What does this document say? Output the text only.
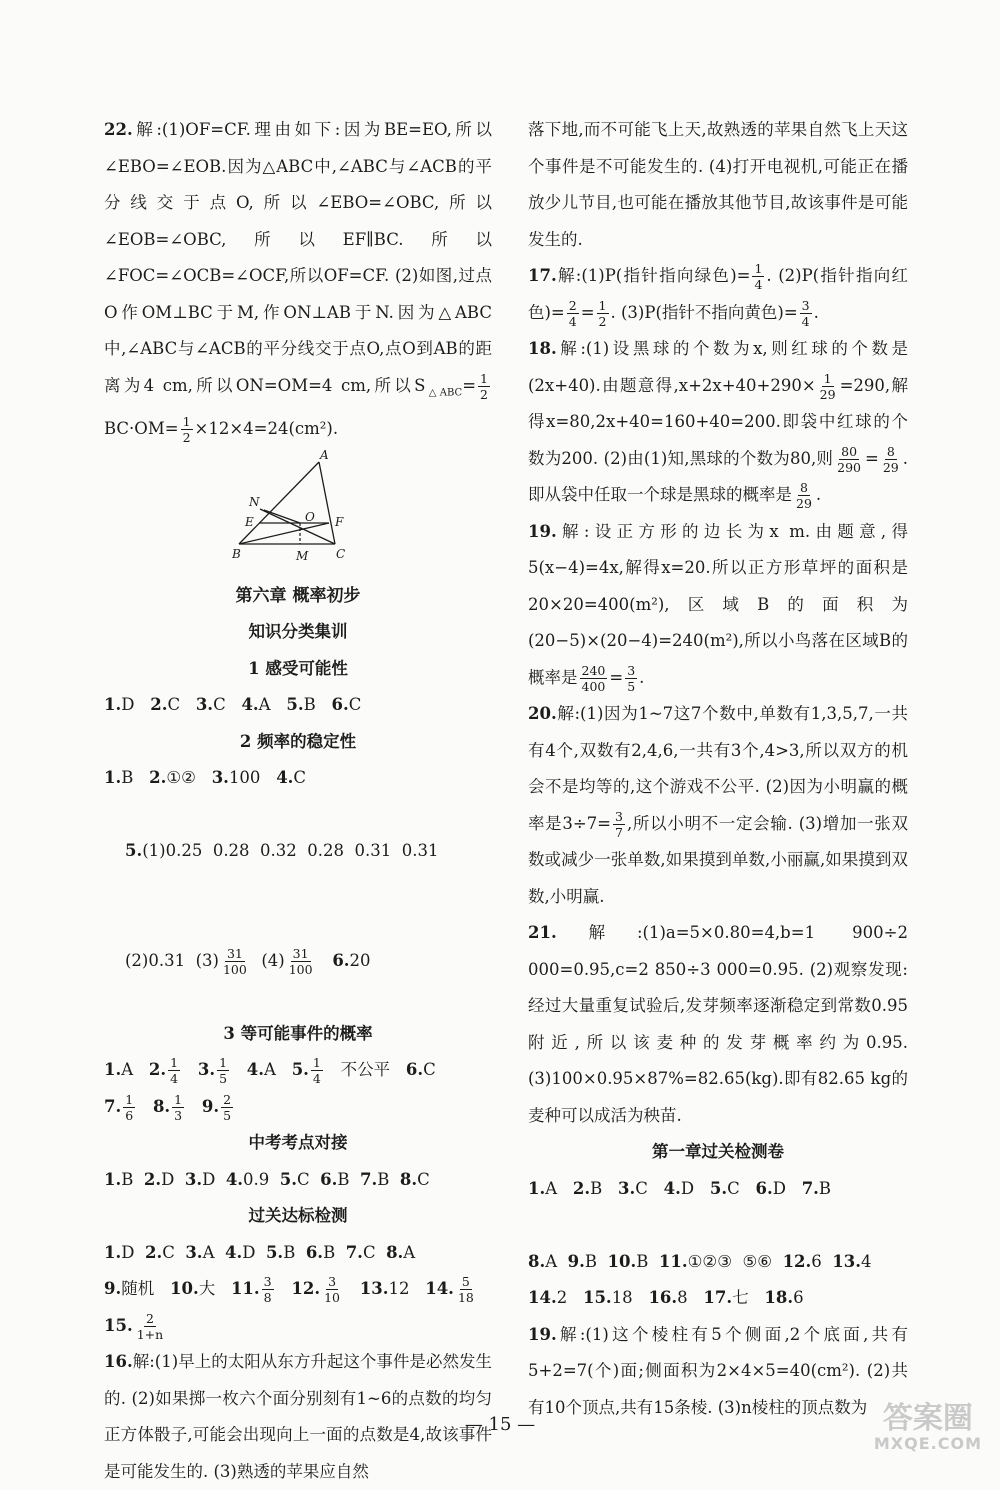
22.解:(1)OF=CF.理由如下:因为BE=EO,所以∠EBO=∠EOB.因为△ABC中,∠ABC与∠ACB的平分线交于点O,所以∠EBO=∠OBC,所以∠EOB=∠OBC,所以EF∥BC.所以∠FOC=∠OCB=∠OCF,所以OF=CF. (2)如图,过点O作OM⊥BC于M,作ON⊥AB于N.因为△ABC中,∠ABC与∠ACB的平分线交于点O,点O到AB的距离为4 cm,所以ON=OM=4 cm,所以$S_{\triangle ABC}= \frac{1}{2}$
$BC\cdot OM= \frac{1}{2} \times 12\times 4=24(cm^2)$.

A
N
O
E	F
B	M C

第六章 概率初步

知识分类集训

1 感受可能性

1.D 2.C 3.C 4.A 5.B 6.C

2 频率的稳定性

1.B 2.①② 3.100 4.C

5.(1)0.25  0.28  0.32  0.28  0.31  0.31

(2)0.31  $(3) \frac{31}{100} (4) \frac{31}{100} 6.20$

3 等可能事件的概率

1.A 2. $\frac{1}{4} 3$. $\frac{1}{5} 4.A$ 5. $\frac{1}{4}$ 不公平 6.C

7. $\frac{1}{6} 8$. $\frac{1}{3} 9$. $\frac{2}{5}$

中考考点对接

1.B 2.D 3.D 4.0.9 5.C 6.B 7.B 8.C

过关达标检测

1.D 2.C 3.A 4.D 5.B 6.B 7.C 8.A

9.随机 10.大 11. $\frac{3}{8} 12$. $\frac{3}{10} 13.12$ 14. $\frac{5}{18}$

15. $\frac{2}{1+n}$

16.解:(1)早上的太阳从东方升起这个事件是必然发生的. (2)如果掷一枚六个面分别刻有1~6的点数的均匀正方体骰子,可能会出现向上一面的点数是4,故该事件是可能发生的. (3)熟透的苹果应自然

落下地,而不可能飞上天,故熟透的苹果自然飞上天这个事件是不可能发生的. (4)打开电视机,可能正在播放少儿节目,也可能在播放其他节目,故该事件是可能发生的.

17.解:(1)P(指针指向绿色)= $\frac{1}{4}$ . (2)P(指针指向红色)= $\frac{2}{4} = \frac{1}{2}$ . (3)P(指针不指向黄色)= $\frac{3}{4}$ .

18.解:(1)设黑球的个数为x,则红球的个数是(2x+40).由题意得$,x+2x+40+290\times \frac{1}{29} =290$,解得x=80,2x+40=160+40=200.即袋中红球的个数为200. (2)由(1)知,黑球的个数为80,则 $\frac{80}{290} = \frac{8}{29}$ .即从袋中任取一个球是黑球的概率是 $\frac{8}{29}$ .

19.解:设正方形的边长为x m.由题意,得5(x−4)=4x,解得x=20.所以正方形草坪的面积是20×20=400(m²),区域B的面积为(20−5)×(20−4)=240(m²),所以小鸟落在区域B的概率是 $\frac{240}{400} = \frac{3}{5}$ .

20.解:(1)因为1~7这7个数中,单数有1,3,5,7,一共有4个,双数有2,4,6,一共有3个,4>3,所以双方的机会不是均等的,这个游戏不公平. (2)因为小明赢的概率是$3\div 7= \frac{3}{7}$ ,所以小明不一定会输. (3)增加一张双数或减少一张单数,如果摸到单数,小丽赢,如果摸到双数,小明赢.

21.解:(1)a=5×0.80=4,b=1 900÷2 000=0.95,c=2 850÷3 000=0.95. (2)观察发现:经过大量重复试验后,发芽频率逐渐稳定到常数0.95附近,所以该麦种的发芽概率约为0.95. (3)100×0.95×87%=82.65(kg).即有82.65 kg的麦种可以成活为秧苗.

第一章过关检测卷

1.A 2.B 3.C 4.D 5.C 6.D 7.B

8.A 9.B 10.B 11.①②③  ⑤⑥ 12.6 13.4

14.2 15.18 16.8 17.七 18.6

19.解:(1)这个棱柱有5个侧面,2个底面,共有5+2=7(个)面;侧面积为2×4×5=40(cm²). (2)共有10个顶点,共有15条棱. (3)n棱柱的顶点数为

— 15 —	答案圈
MXQE.COM
